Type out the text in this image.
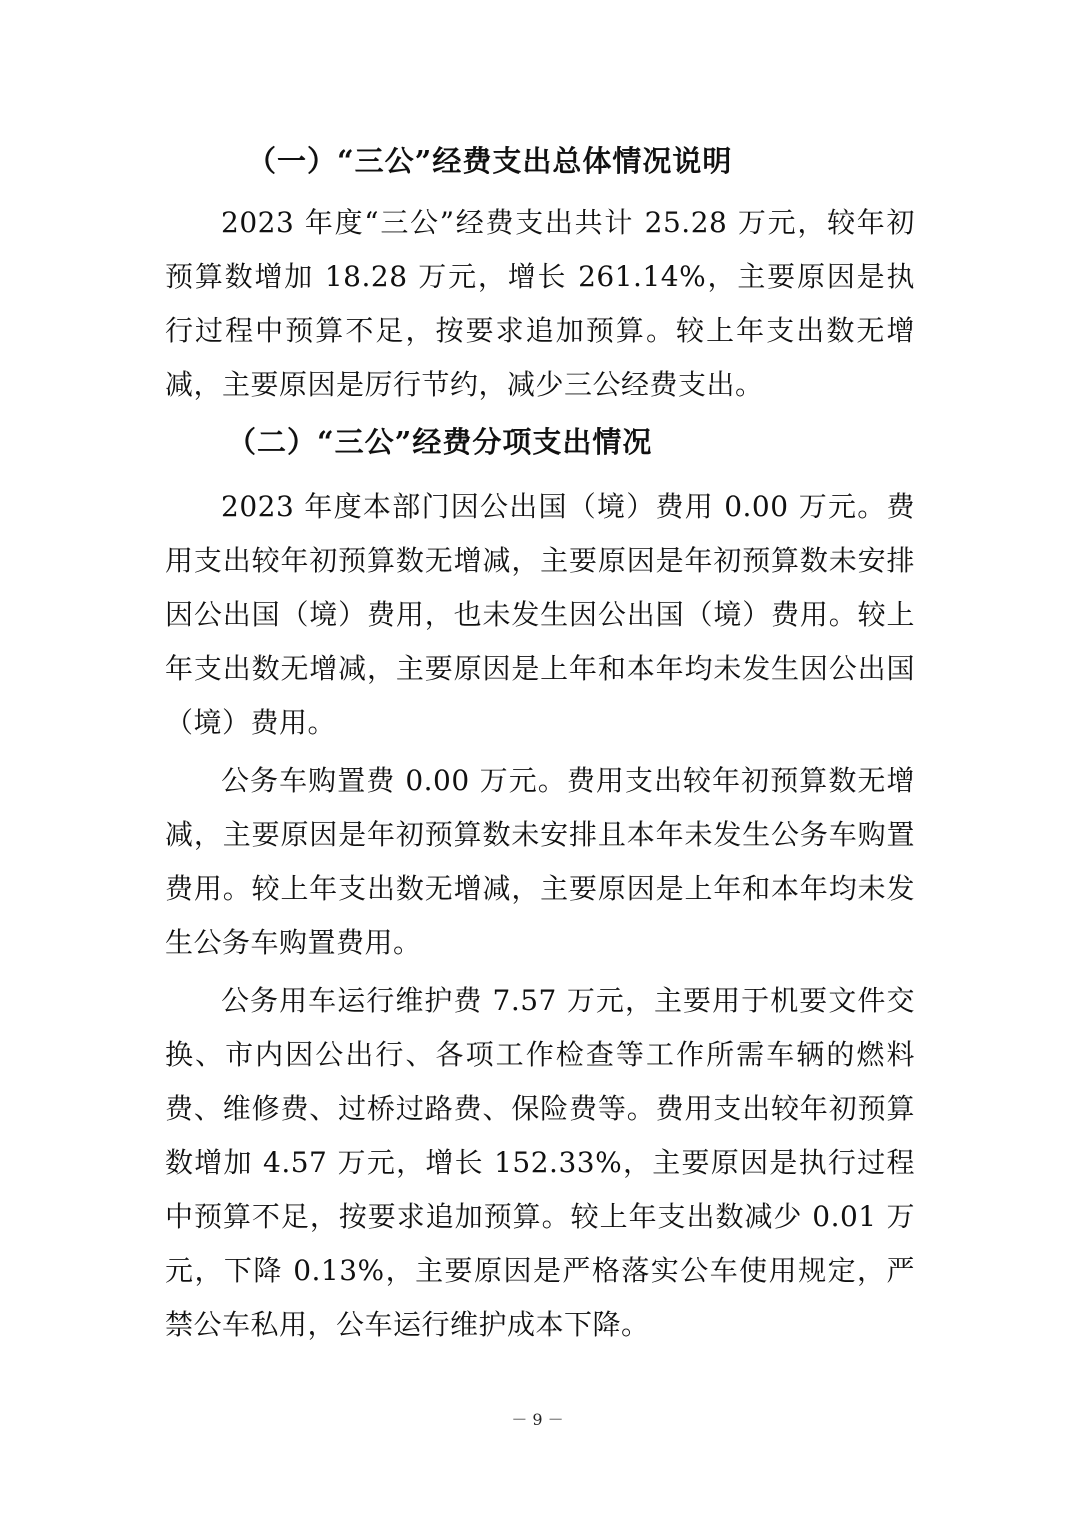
（一）“三公”经费支出总体情况说明

2023 年度“三公”经费支出共计 25.28 万元，较年初预算数增加 18.28 万元，增长 261.14%，主要原因是执行过程中预算不足，按要求追加预算。较上年支出数无增减，主要原因是厉行节约，减少三公经费支出。

（二）“三公”经费分项支出情况

2023 年度本部门因公出国（境）费用 0.00 万元。费用支出较年初预算数无增减，主要原因是年初预算数未安排因公出国（境）费用，也未发生因公出国（境）费用。较上年支出数无增减，主要原因是上年和本年均未发生因公出国（境）费用。

公务车购置费 0.00 万元。费用支出较年初预算数无增减，主要原因是年初预算数未安排且本年未发生公务车购置费用。较上年支出数无增减，主要原因是上年和本年均未发生公务车购置费用。

公务用车运行维护费 7.57 万元，主要用于机要文件交换、市内因公出行、各项工作检查等工作所需车辆的燃料费、维修费、过桥过路费、保险费等。费用支出较年初预算数增加 4.57 万元，增长 152.33%，主要原因是执行过程中预算不足，按要求追加预算。较上年支出数减少 0.01 万元，下降 0.13%，主要原因是严格落实公车使用规定，严禁公车私用，公车运行维护成本下降。

－ 9 －
